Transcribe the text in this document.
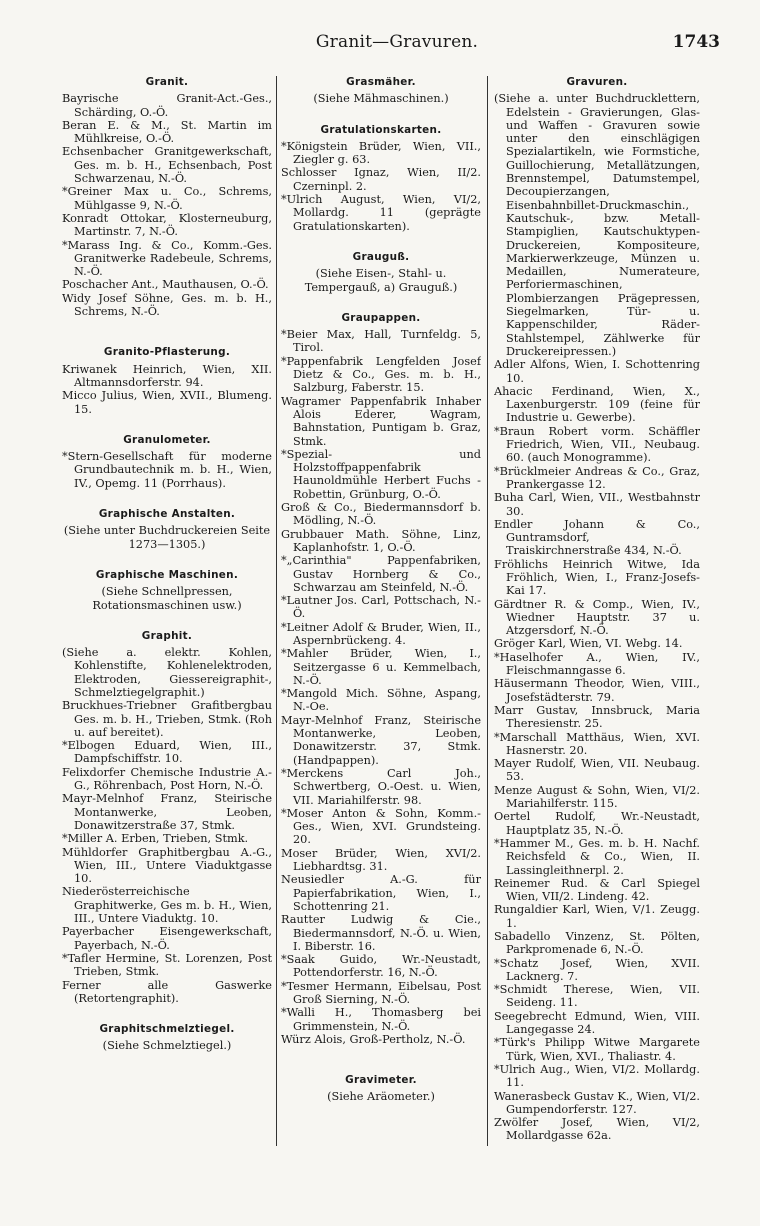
Granit—Gravuren.	1743
Granit.
Bayrische Granit-Act.-Ges., Schärding, O.-Ö.
Beran E. & M., St. Martin im Mühlkreise, O.-Ö.
Echsenbacher Granitgewerkschaft, Ges. m. b. H., Echsenbach, Post Schwarzenau, N.-Ö.
*Greiner Max u. Co., Schrems, Mühlgasse 9, N.-Ö.
Konradt Ottokar, Klosterneuburg, Martinstr. 7, N.-Ö.
*Marass Ing. & Co., Komm.-Ges. Granitwerke Radebeule, Schrems, N.-Ö.
Poschacher Ant., Mauthausen, O.-Ö.
Widy Josef Söhne, Ges. m. b. H., Schrems, N.-Ö.
Granito-Pflasterung.
Kriwanek Heinrich, Wien, XII. Altmannsdorferstr. 94.
Micco Julius, Wien, XVII., Blumeng. 15.
Granulometer.
*Stern-Gesellschaft für moderne Grundbautechnik m. b. H., Wien, IV., Opemg. 11 (Porrhaus).
Graphische Anstalten.
(Siehe unter Buchdruckereien Seite 1273—1305.)
Graphische Maschinen.
(Siehe Schnellpressen, Rotationsmaschinen usw.)
Graphit.
(Siehe a. elektr. Kohlen, Kohlenstifte, Kohlenelektroden, Elektroden, Giessereigraphit-, Schmelztiegelgraphit.)
Bruckhues-Triebner Grafitbergbau Ges. m. b. H., Trieben, Stmk. (Roh u. auf bereitet).
*Elbogen Eduard, Wien, III., Dampfschiffstr. 10.
Felixdorfer Chemische Industrie A.-G., Röhrenbach, Post Horn, N.-Ö.
Mayr-Melnhof Franz, Steirische Montanwerke, Leoben, Donawitzerstraße 37, Stmk.
*Miller A. Erben, Trieben, Stmk.
Mühldorfer Graphitbergbau A.-G., Wien, III., Untere Viaduktgasse 10.
Niederösterreichische Graphitwerke, Ges m. b. H., Wien, III., Untere Viaduktg. 10.
Payerbacher Eisengewerkschaft, Payerbach, N.-Ö.
*Tafler Hermine, St. Lorenzen, Post Trieben, Stmk.
Ferner alle Gaswerke (Retortengraphit).
Graphitschmelztiegel.
(Siehe Schmelztiegel.)
Grasmäher.
(Siehe Mähmaschinen.)
Gratulationskarten.
*Königstein Brüder, Wien, VII., Ziegler g. 63.
Schlosser Ignaz, Wien, II/2. Czerninpl. 2.
*Ulrich August, Wien, VI/2, Mollardg. 11 (geprägte Gratulationskarten).
Grauguß.
(Siehe Eisen-, Stahl- u. Tempergauß, a) Grauguß.)
Graupappen.
*Beier Max, Hall, Turnfeldg. 5, Tirol.
*Pappenfabrik Lengfelden Josef Dietz & Co., Ges. m. b. H., Salzburg, Faberstr. 15.
Wagramer Pappenfabrik Inhaber Alois Ederer, Wagram, Bahnstation, Puntigam b. Graz, Stmk.
*Spezial- und Holzstoffpappenfabrik Haunoldmühle Herbert Fuchs - Robettin, Grünburg, O.-Ö.
Groß & Co., Biedermannsdorf b. Mödling, N.-Ö.
Grubbauer Math. Söhne, Linz, Kaplanhofstr. 1, O.-Ö.
*„Carinthia" Pappenfabriken, Gustav Hornberg & Co., Schwarzau am Steinfeld, N.-Ö.
*Lautner Jos. Carl, Pottschach, N.-Ö.
*Leitner Adolf & Bruder, Wien, II., Aspernbrückeng. 4.
*Mahler Brüder, Wien, I., Seitzergasse 6 u. Kemmelbach, N.-Ö.
*Mangold Mich. Söhne, Aspang, N.-Oe.
Mayr-Melnhof Franz, Steirische Montanwerke, Leoben, Donawitzerstr. 37, Stmk. (Handpappen).
*Merckens Carl Joh., Schwertberg, O.-Oest. u. Wien, VII. Mariahilferstr. 98.
*Moser Anton & Sohn, Komm.-Ges., Wien, XVI. Grundsteing. 20.
Moser Brüder, Wien, XVI/2. Liebhardtsg. 31.
Neusiedler A.-G. für Papierfabrikation, Wien, I., Schottenring 21.
Rautter Ludwig & Cie., Biedermannsdorf, N.-Ö. u. Wien, I. Biberstr. 16.
*Saak Guido, Wr.-Neustadt, Pottendorferstr. 16, N.-Ö.
*Tesmer Hermann, Eibelsau, Post Groß Sierning, N.-Ö.
*Walli H., Thomasberg bei Grimmenstein, N.-Ö.
Würz Alois, Groß-Pertholz, N.-Ö.
Gravimeter.
(Siehe Aräometer.)
Gravuren.
(Siehe a. unter Buchdrucklettern, Edelstein - Gravierungen, Glas- und Waffen - Gravuren sowie unter den einschlägigen Spezialartikeln, wie Formstiche, Guillochierung, Metallätzungen, Brennstempel, Datumstempel, Decoupierzangen, Eisenbahnbillet-Druckmaschin., Kautschuk-, bzw. Metall-Stampiglien, Kautschuktypen-Druckereien, Kompositeure, Markierwerkzeuge, Münzen u. Medaillen, Numerateure, Perforiermaschinen, Plombierzangen Prägepressen, Siegelmarken, Tür- u. Kappenschilder, Räder-Stahlstempel, Zählwerke für Druckereipressen.)
Adler Alfons, Wien, I. Schottenring 10.
Ahacic Ferdinand, Wien, X., Laxenburgerstr. 109 (feine für Industrie u. Gewerbe).
*Braun Robert vorm. Schäffler Friedrich, Wien, VII., Neubaug. 60. (auch Monogramme).
*Brücklmeier Andreas & Co., Graz, Prankergasse 12.
Buha Carl, Wien, VII., Westbahnstr 30.
Endler Johann & Co., Guntramsdorf, Traiskirchnerstraße 434, N.-Ö.
Fröhlichs Heinrich Witwe, Ida Fröhlich, Wien, I., Franz-Josefs-Kai 17.
Gärdtner R. & Comp., Wien, IV., Wiedner Hauptstr. 37 u. Atzgersdorf, N.-Ö.
Gröger Karl, Wien, VI. Webg. 14.
*Haselhofer A., Wien, IV., Fleischmanngasse 6.
Häusermann Theodor, Wien, VIII., Josefstädterstr. 79.
Marr Gustav, Innsbruck, Maria Theresienstr. 25.
*Marschall Matthäus, Wien, XVI. Hasnerstr. 20.
Mayer Rudolf, Wien, VII. Neubaug. 53.
Menze August & Sohn, Wien, VI/2. Mariahilferstr. 115.
Oertel Rudolf, Wr.-Neustadt, Hauptplatz 35, N.-Ö.
*Hammer M., Ges. m. b. H. Nachf. Reichsfeld & Co., Wien, II. Lassingleithnerpl. 2.
Reinemer Rud. & Carl Spiegel Wien, VII/2. Lindeng. 42.
Rungaldier Karl, Wien, V/1. Zeugg. 1.
Sabadello Vinzenz, St. Pölten, Parkpromenade 6, N.-Ö.
*Schatz Josef, Wien, XVII. Lacknerg. 7.
*Schmidt Therese, Wien, VII. Seideng. 11.
Seegebrecht Edmund, Wien, VIII. Langegasse 24.
*Türk's Philipp Witwe Margarete Türk, Wien, XVI., Thaliastr. 4.
*Ulrich Aug., Wien, VI/2. Mollardg. 11.
Wanerasbeck Gustav K., Wien, VI/2. Gumpendorferstr. 127.
Zwölfer Josef, Wien, VI/2, Mollardgasse 62a.
